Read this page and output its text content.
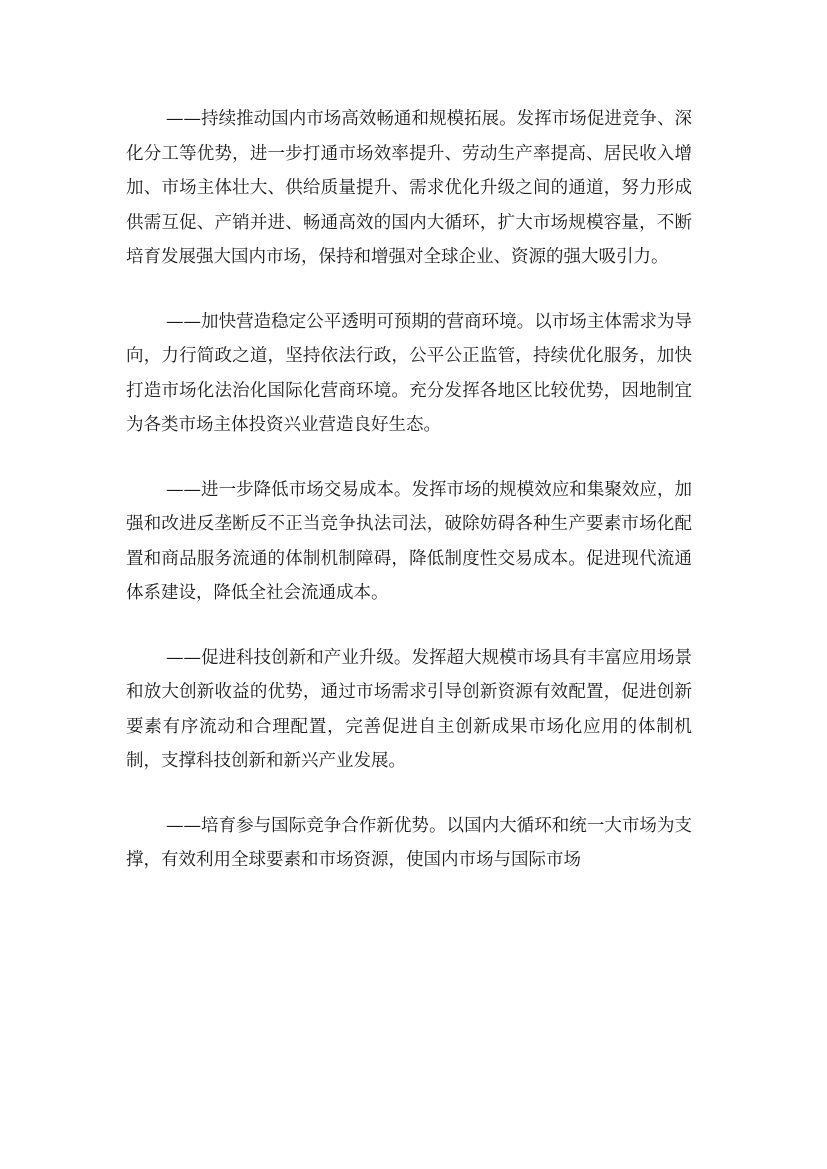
——持续推动国内市场高效畅通和规模拓展。发挥市场促进竞争、深化分工等优势，进一步打通市场效率提升、劳动生产率提高、居民收入增加、市场主体壮大、供给质量提升、需求优化升级之间的通道，努力形成供需互促、产销并进、畅通高效的国内大循环，扩大市场规模容量，不断培育发展强大国内市场，保持和增强对全球企业、资源的强大吸引力。

——加快营造稳定公平透明可预期的营商环境。以市场主体需求为导向，力行简政之道，坚持依法行政，公平公正监管，持续优化服务，加快打造市场化法治化国际化营商环境。充分发挥各地区比较优势，因地制宜为各类市场主体投资兴业营造良好生态。

——进一步降低市场交易成本。发挥市场的规模效应和集聚效应，加强和改进反垄断反不正当竞争执法司法，破除妨碍各种生产要素市场化配置和商品服务流通的体制机制障碍，降低制度性交易成本。促进现代流通体系建设，降低全社会流通成本。

——促进科技创新和产业升级。发挥超大规模市场具有丰富应用场景和放大创新收益的优势，通过市场需求引导创新资源有效配置，促进创新要素有序流动和合理配置，完善促进自主创新成果市场化应用的体制机制，支撑科技创新和新兴产业发展。

——培育参与国际竞争合作新优势。以国内大循环和统一大市场为支撑，有效利用全球要素和市场资源，使国内市场与国际市场
